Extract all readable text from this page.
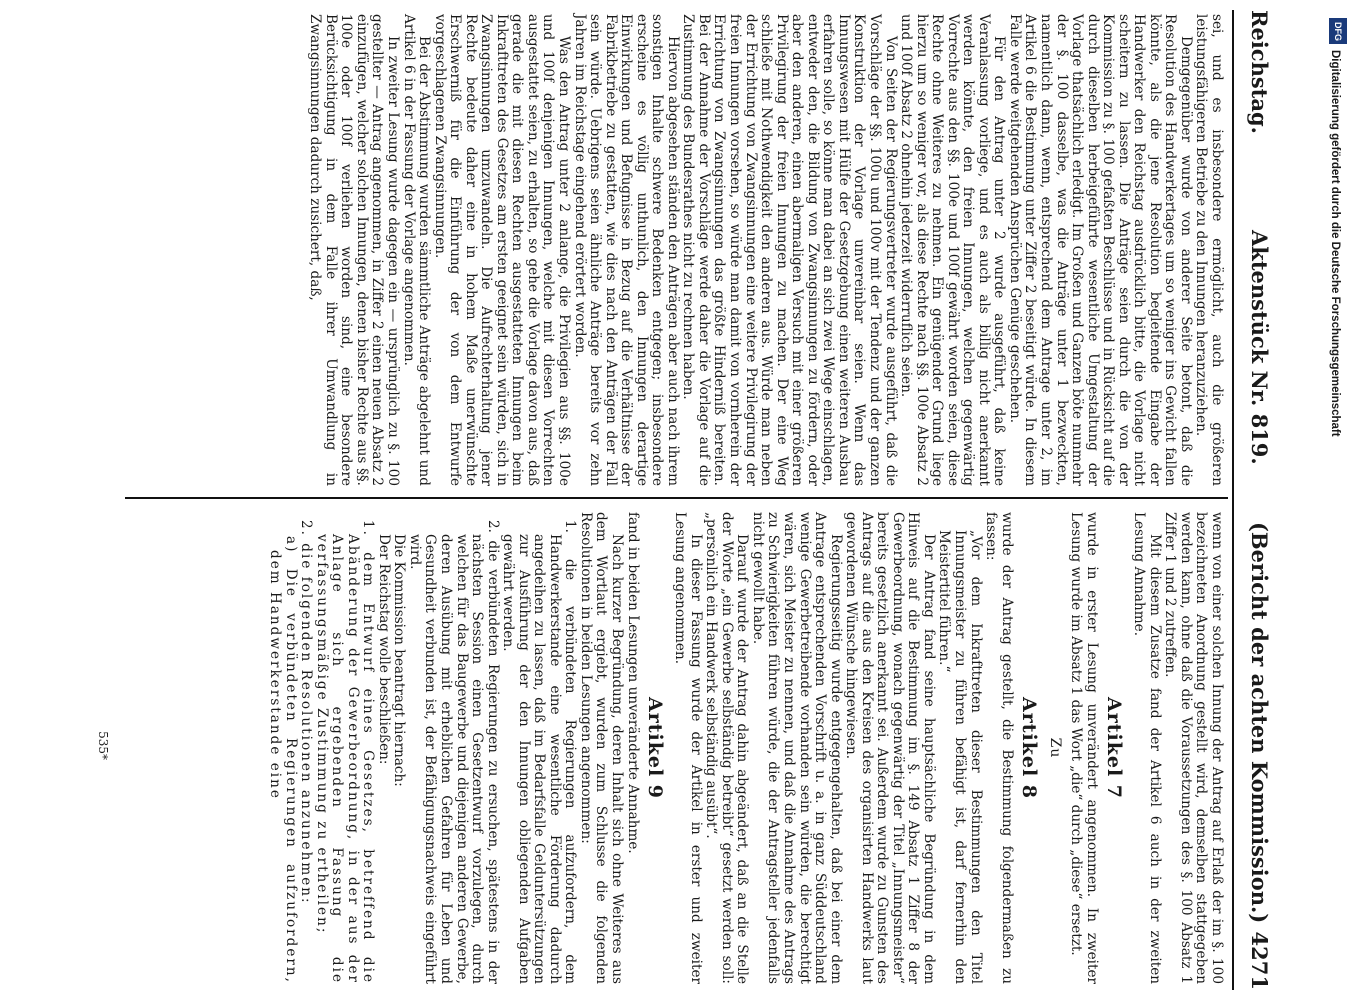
Reichstag.
Aktenstück Nr. 819.
(Bericht der achten Kommission.)
4271

sei, und es insbesondere ermöglicht, auch die größeren leistungsfähigeren Betriebe zu den Innungen heranzuziehen.

Demgegenüber wurde von anderer Seite betont, daß die Resolution des Handwerkertages um so weniger ins Gewicht fallen könnte, als die jene Resolution begleitende Eingabe der Handwerker den Reichstag ausdrücklich bitte, die Vorlage nicht scheitern zu lassen. Die Anträge seien durch die von der Kommission zu §. 100 gefaßten Beschlüsse und in Rücksicht auf die durch dieselben herbeigeführte wesentliche Umgestaltung der Vorlage thatsächlich erledigt. Im Großen und Ganzen böte nunmehr der §. 100 dasselbe, was die Anträge unter 1 bezweckten, namentlich dann, wenn, entsprechend dem Antrage unter 2, im Artikel 6 die Bestimmung unter Ziffer 2 beseitigt würde. In diesem Falle werde weitgehenden Ansprüchen Genüge geschehen.

Für den Antrag unter 2 wurde ausgeführt, daß keine Veranlassung vorliege, und es auch als billig nicht anerkannt werden könnte, den freien Innungen, welchen gegenwärtig Vorrechte aus den §§. 100e und 100f gewährt worden seien, diese Rechte ohne Weiteres zu nehmen. Ein genügender Grund liege hierzu um so weniger vor, als diese Rechte nach §§. 100e Absatz 2 und 100f Absatz 2 ohnehin jederzeit widerruflich seien.

Von Seiten der Regierungsvertreter wurde ausgeführt, daß die Vorschläge der §§. 100u und 100v mit der Tendenz und der ganzen Konstruktion der Vorlage unvereinbar seien. Wenn das Innungswesen mit Hülfe der Gesetzgebung einen weiteren Ausbau erfahren solle, so könne man dabei an sich zwei Wege einschlagen, entweder den, die Bildung von Zwangsinnungen zu fördern, oder aber den anderen, einen abermaligen Versuch mit einer größeren Privilegirung der freien Innungen zu machen. Der eine Weg schließe mit Nothwendigkeit den anderen aus. Würde man neben der Errichtung von Zwangsinnungen eine weitere Privilegirung der freien Innungen vorsehen, so würde man damit von vornherein der Errichtung von Zwangsinnungen das größte Hinderniß bereiten. Bei der Annahme der Vorschläge werde daher die Vorlage auf die Zustimmung des Bundesrathes nicht zu rechnen haben.

Hiervon abgesehen ständen den Anträgen aber auch nach ihrem sonstigen Inhalte schwere Bedenken entgegen; insbesondere erscheine es völlig unthunlich, den Innungen derartige Einwirkungen und Befugnisse in Bezug auf die Verhältnisse der Fabrikbetriebe zu gestatten, wie dies nach den Anträgen der Fall sein würde. Uebrigens seien ähnliche Anträge bereits vor zehn Jahren im Reichstage eingehend erörtert worden.

Was den Antrag unter 2 anlange, die Privilegien aus §§. 100e und 100f denjenigen Innungen, welche mit diesen Vorrechten ausgestattet seien, zu erhalten, so gehe die Vorlage davon aus, daß gerade die mit diesen Rechten ausgestatteten Innungen beim Inkrafttreten des Gesetzes am ersten geeignet sein würden, sich in Zwangsinnungen umzuwandeln. Die Aufrechterhaltung jener Rechte bedeute daher eine in hohem Maße unerwünschte Erschwerniß für die Einführung der von dem Entwurfe vorgeschlagenen Zwangsinnungen.

Bei der Abstimmung wurden sämmtliche Anträge abgelehnt und Artikel 6 in der Fassung der Vorlage angenommen.

In zweiter Lesung wurde dagegen ein — ursprünglich zu §. 100 gestellter — Antrag angenommen, in Ziffer 2 einen neuen Absatz 2 einzufügen, welcher solchen Innungen, denen bisher Rechte aus §§. 100e oder 100f verliehen worden sind, eine besondere Berücksichtigung in dem Falle ihrer Umwandlung in Zwangsinnungen dadurch zusichert, daß,

wenn von einer solchen Innung der Antrag auf Erlaß der im §. 100 bezeichneten Anordnung gestellt wird, demselben stattgegeben werden kann, ohne daß die Voraussetzungen des §. 100 Absatz 1 Ziffer 1 und 2 zutreffen.

Mit diesem Zusatze fand der Artikel 6 auch in der zweiten Lesung Annahme.

Artikel 7

wurde in erster Lesung unverändert angenommen. In zweiter Lesung wurde im Absatz 1 das Wort „die“ durch „diese“ ersetzt.

Zu
Artikel 8

wurde der Antrag gestellt, die Bestimmung folgendermaßen zu fassen:

„Vor dem Inkrafttreten dieser Bestimmungen den Titel Innungsmeister zu führen befähigt ist, darf fernerhin den Meistertitel führen.“

Der Antrag fand seine hauptsächliche Begründung in dem Hinweis auf die Bestimmung im §. 149 Absatz 1 Ziffer 8 der Gewerbeordnung, wonach gegenwärtig der Titel „Innungsmeister“ bereits gesetzlich anerkannt sei. Außerdem wurde zu Gunsten des Antrags auf die aus den Kreisen des organisirten Handwerks laut gewordenen Wünsche hingewiesen.

Regierungsseitig wurde entgegengehalten, daß bei einer dem Antrage entsprechenden Vorschrift u. a. in ganz Süddeutschland wenige Gewerbetreibende vorhanden sein würden, die berechtigt wären, sich Meister zu nennen, und daß die Annahme des Antrags zu Schwierigkeiten führen würde, die der Antragsteller jedenfalls nicht gewollt habe.

Darauf wurde der Antrag dahin abgeändert, daß an die Stelle der Worte „ein Gewerbe selbständig betreibt“ gesetzt werden soll: „persönlich ein Handwerk selbständig ausübt“.

In dieser Fassung wurde der Artikel in erster und zweiter Lesung angenommen.

Artikel 9

fand in beiden Lesungen unveränderte Annahme.

Nach kurzer Begründung, deren Inhalt sich ohne Weiteres aus dem Wortlaut ergiebt, wurden zum Schlusse die folgenden Resolutionen in beiden Lesungen angenommen:

1. die verbündeten Regierungen aufzufordern, dem Handwerkerstande eine wesentliche Förderung dadurch angedeihen zu lassen, daß im Bedarfsfalle Gelduntersützungen zur Ausführung der den Innungen obliegenden Aufgaben gewährt werden.

2. die verbündeten Regierungen zu ersuchen, spätestens in der nächsten Session einen Gesetzentwurf vorzulegen, durch welchen für das Baugewerbe und diejenigen anderen Gewerbe, deren Ausübung mit erheblichen Gefahren für Leben und Gesundheit verbunden ist, der Befähigungsnachweis eingeführt wird.

Die Kommission beantragt hiernach:

Der Reichstag wolle beschließen:

1. dem Entwurf eines Gesetzes, betreffend die Abänderung der Gewerbeordnung, in der aus der Anlage sich ergebenden Fassung die verfassungsmäßige Zustimmung zu ertheilen;

2. die folgenden Resolutionen anzunehmen:

a) Die verbündeten Regierungen aufzufordern, dem Handwerkerstande eine

535*
DFG
Digitalisierung gefördert durch die Deutsche Forschungsgemeinschaft
